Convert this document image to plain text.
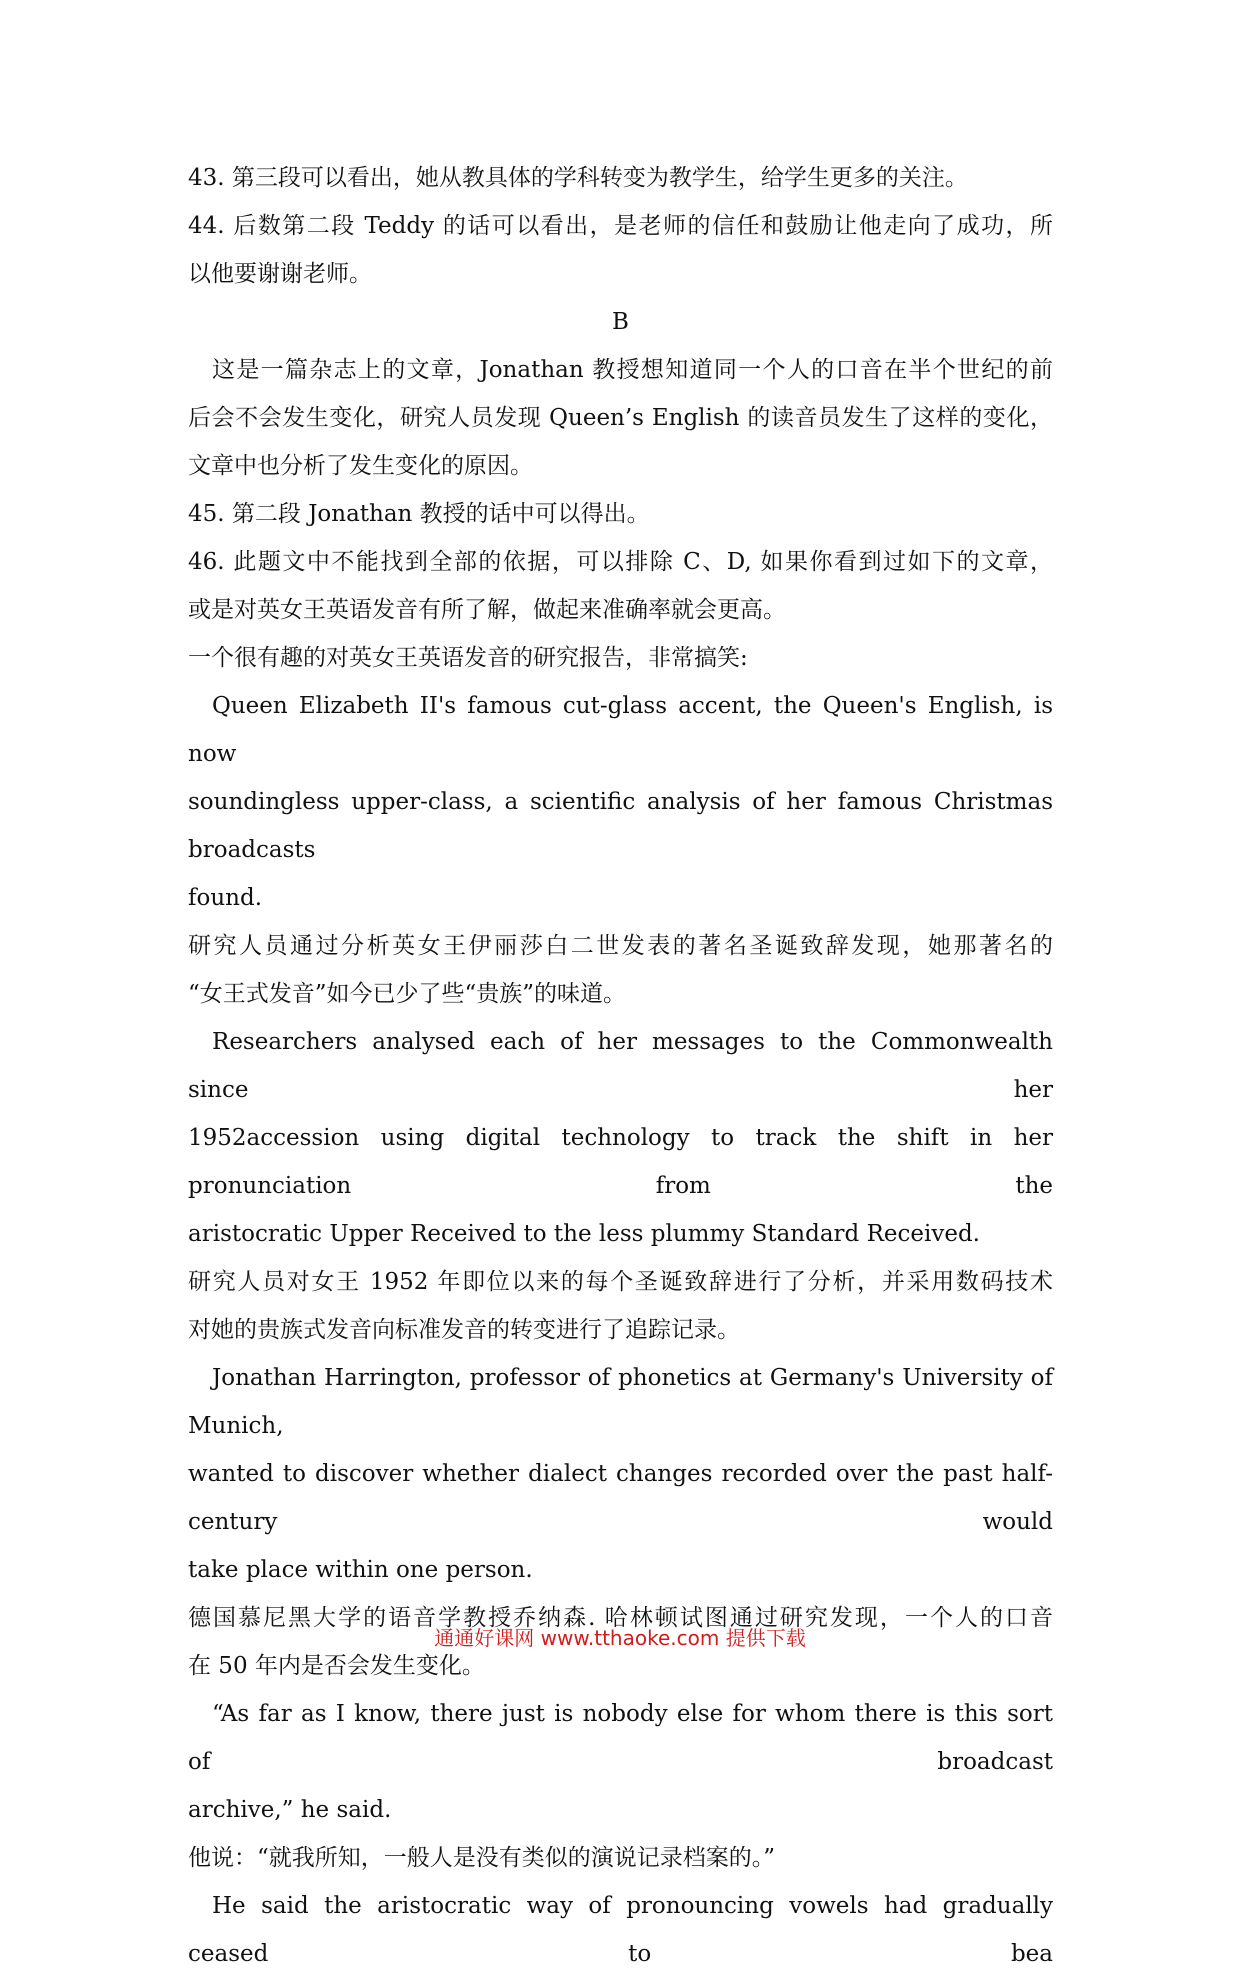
43. 第三段可以看出，她从教具体的学科转变为教学生，给学生更多的关注。

44. 后数第二段 Teddy 的话可以看出，是老师的信任和鼓励让他走向了成功，所

以他要谢谢老师。

B

这是一篇杂志上的文章，Jonathan 教授想知道同一个人的口音在半个世纪的前

后会不会发生变化，研究人员发现 Queen’s English 的读音员发生了这样的变化，

文章中也分析了发生变化的原因。

45. 第二段 Jonathan 教授的话中可以得出。

46. 此题文中不能找到全部的依据，可以排除 C、D, 如果你看到过如下的文章，

或是对英女王英语发音有所了解，做起来准确率就会更高。

一个很有趣的对英女王英语发音的研究报告，非常搞笑:

Queen Elizabeth II's famous cut-glass accent, the Queen's English, is now

soundingless upper-class, a scientific analysis of her famous Christmas broadcasts

found.

研究人员通过分析英女王伊丽莎白二世发表的著名圣诞致辞发现，她那著名的

“女王式发音”如今已少了些“贵族”的味道。

Researchers analysed each of her messages to the Commonwealth since her

1952accession using digital technology to track the shift in her pronunciation from the

aristocratic Upper Received to the less plummy Standard Received.

研究人员对女王 1952 年即位以来的每个圣诞致辞进行了分析，并采用数码技术

对她的贵族式发音向标准发音的转变进行了追踪记录。

Jonathan Harrington, professor of phonetics at Germany's University of Munich,

wanted to discover whether dialect changes recorded over the past half-century would

take place within one person.

德国慕尼黑大学的语音学教授乔纳森. 哈林顿试图通过研究发现，一个人的口音

在 50 年内是否会发生变化。

“As far as I know, there just is nobody else for whom there is this sort of broadcast

archive,” he said.

他说：“就我所知，一般人是没有类似的演说记录档案的。”

He said the aristocratic way of pronouncing vowels had gradually ceased to bea

通通好课网 www.tthaoke.com 提供下载
